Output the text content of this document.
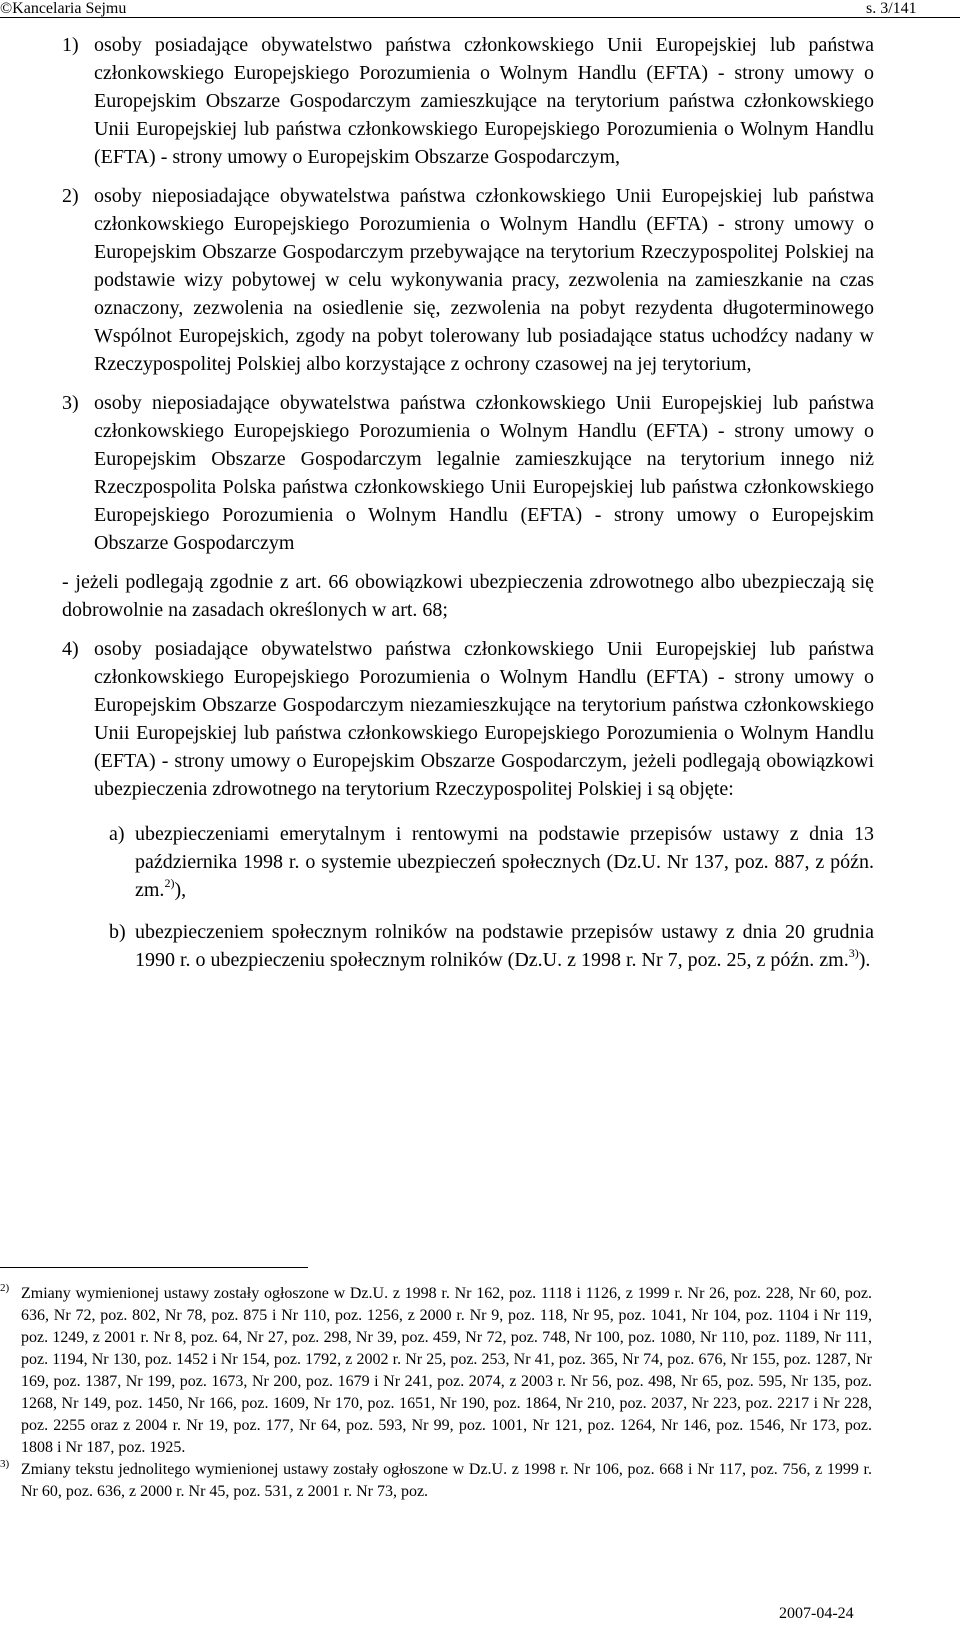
©Kancelaria Sejmu	s. 3/141
1) osoby posiadające obywatelstwo państwa członkowskiego Unii Europejskiej lub państwa członkowskiego Europejskiego Porozumienia o Wolnym Handlu (EFTA) - strony umowy o Europejskim Obszarze Gospodarczym zamieszkujące na terytorium państwa członkowskiego Unii Europejskiej lub państwa członkowskiego Europejskiego Porozumienia o Wolnym Handlu (EFTA) - strony umowy o Europejskim Obszarze Gospodarczym,
2) osoby nieposiadające obywatelstwa państwa członkowskiego Unii Europejskiej lub państwa członkowskiego Europejskiego Porozumienia o Wolnym Handlu (EFTA) - strony umowy o Europejskim Obszarze Gospodarczym przebywające na terytorium Rzeczypospolitej Polskiej na podstawie wizy pobytowej w celu wykonywania pracy, zezwolenia na zamieszkanie na czas oznaczony, zezwolenia na osiedlenie się, zezwolenia na pobyt rezydenta długoterminowego Wspólnot Europejskich, zgody na pobyt tolerowany lub posiadające status uchodźcy nadany w Rzeczypospolitej Polskiej albo korzystające z ochrony czasowej na jej terytorium,
3) osoby nieposiadające obywatelstwa państwa członkowskiego Unii Europejskiej lub państwa członkowskiego Europejskiego Porozumienia o Wolnym Handlu (EFTA) - strony umowy o Europejskim Obszarze Gospodarczym legalnie zamieszkujące na terytorium innego niż Rzeczpospolita Polska państwa członkowskiego Unii Europejskiej lub państwa członkowskiego Europejskiego Porozumienia o Wolnym Handlu (EFTA) - strony umowy o Europejskim Obszarze Gospodarczym
- jeżeli podlegają zgodnie z art. 66 obowiązkowi ubezpieczenia zdrowotnego albo ubezpieczają się dobrowolnie na zasadach określonych w art. 68;
4) osoby posiadające obywatelstwo państwa członkowskiego Unii Europejskiej lub państwa członkowskiego Europejskiego Porozumienia o Wolnym Handlu (EFTA) - strony umowy o Europejskim Obszarze Gospodarczym niezamieszkujące na terytorium państwa członkowskiego Unii Europejskiej lub państwa członkowskiego Europejskiego Porozumienia o Wolnym Handlu (EFTA) - strony umowy o Europejskim Obszarze Gospodarczym, jeżeli podlegają obowiązkowi ubezpieczenia zdrowotnego na terytorium Rzeczypospolitej Polskiej i są objęte:
a) ubezpieczeniami emerytalnym i rentowymi na podstawie przepisów ustawy z dnia 13 października 1998 r. o systemie ubezpieczeń społecznych (Dz.U. Nr 137, poz. 887, z późn. zm.$^{2)}$),
b) ubezpieczeniem społecznym rolników na podstawie przepisów ustawy z dnia 20 grudnia 1990 r. o ubezpieczeniu społecznym rolników (Dz.U. z 1998 r. Nr 7, poz. 25, z późn. zm.$^{3)}$).
2) Zmiany wymienionej ustawy zostały ogłoszone w Dz.U. z 1998 r. Nr 162, poz. 1118 i 1126, z 1999 r. Nr 26, poz. 228, Nr 60, poz. 636, Nr 72, poz. 802, Nr 78, poz. 875 i Nr 110, poz. 1256, z 2000 r. Nr 9, poz. 118, Nr 95, poz. 1041, Nr 104, poz. 1104 i Nr 119, poz. 1249, z 2001 r. Nr 8, poz. 64, Nr 27, poz. 298, Nr 39, poz. 459, Nr 72, poz. 748, Nr 100, poz. 1080, Nr 110, poz. 1189, Nr 111, poz. 1194, Nr 130, poz. 1452 i Nr 154, poz. 1792, z 2002 r. Nr 25, poz. 253, Nr 41, poz. 365, Nr 74, poz. 676, Nr 155, poz. 1287, Nr 169, poz. 1387, Nr 199, poz. 1673, Nr 200, poz. 1679 i Nr 241, poz. 2074, z 2003 r. Nr 56, poz. 498, Nr 65, poz. 595, Nr 135, poz. 1268, Nr 149, poz. 1450, Nr 166, poz. 1609, Nr 170, poz. 1651, Nr 190, poz. 1864, Nr 210, poz. 2037, Nr 223, poz. 2217 i Nr 228, poz. 2255 oraz z 2004 r. Nr 19, poz. 177, Nr 64, poz. 593, Nr 99, poz. 1001, Nr 121, poz. 1264, Nr 146, poz. 1546, Nr 173, poz. 1808 i Nr 187, poz. 1925.
3) Zmiany tekstu jednolitego wymienionej ustawy zostały ogłoszone w Dz.U. z 1998 r. Nr 106, poz. 668 i Nr 117, poz. 756, z 1999 r. Nr 60, poz. 636, z 2000 r. Nr 45, poz. 531, z 2001 r. Nr 73, poz.
2007-04-24
